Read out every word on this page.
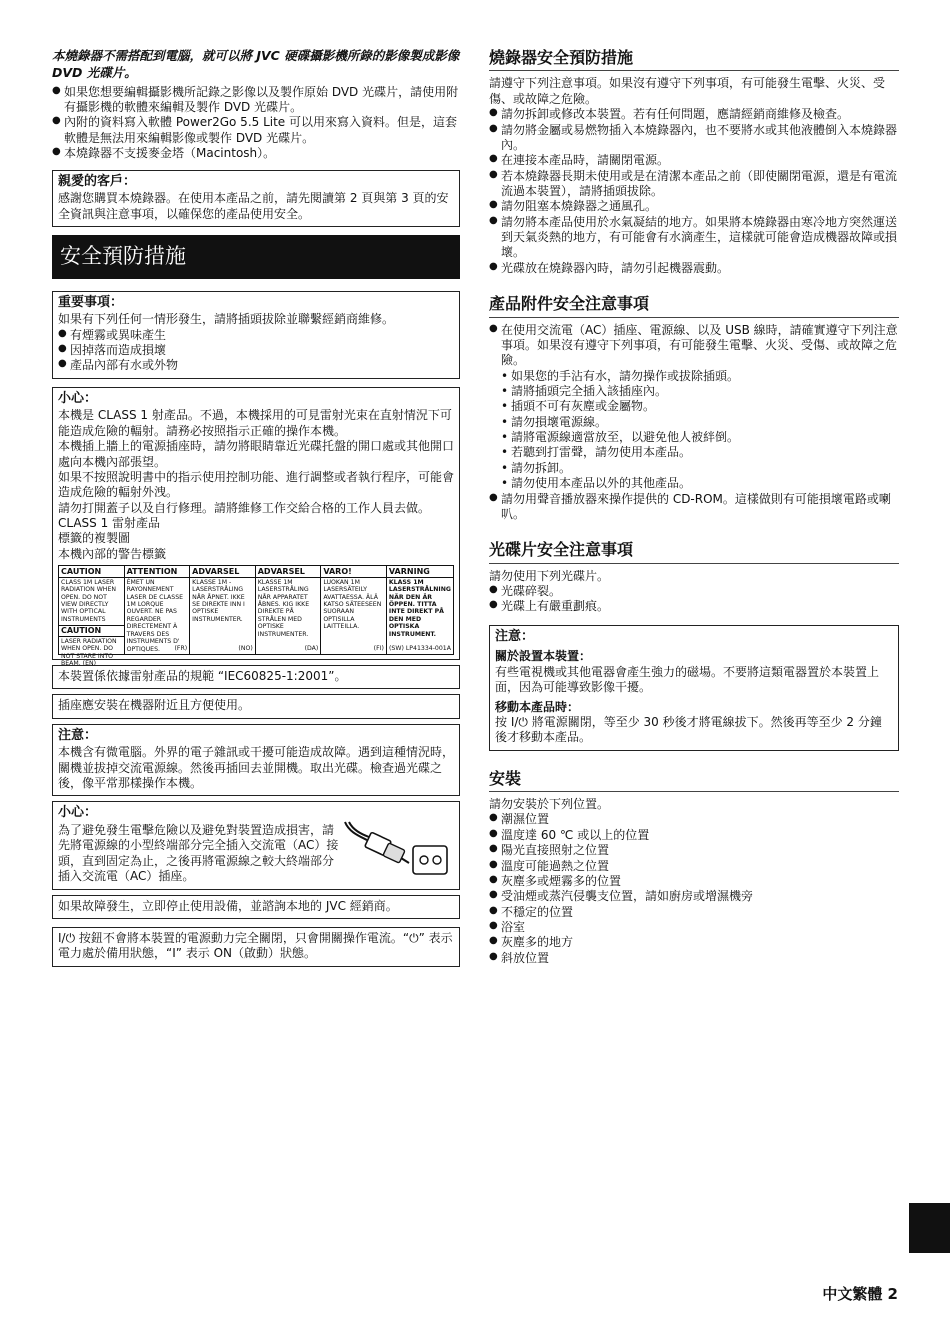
本燒錄器不需搭配到電腦，就可以將 JVC 硬碟攝影機所錄的影像製成影像 DVD 光碟片。

● 如果您想要編輯攝影機所記錄之影像以及製作原始 DVD 光碟片，請使用附有攝影機的軟體來編輯及製作 DVD 光碟片。
● 內附的資料寫入軟體 Power2Go 5.5 Lite 可以用來寫入資料。但是，這套軟體是無法用來編輯影像或製作 DVD 光碟片。
● 本燒錄器不支援麥金塔（Macintosh）。
親愛的客戶：

感謝您購買本燒錄器。在使用本產品之前，請先閱讀第 2 頁與第 3 頁的安全資訊與注意事項，以確保您的產品使用安全。

安全預防措施
重要事項：

如果有下列任何一情形發生，請將插頭拔除並聯繫經銷商維修。

● 有煙霧或異味產生
● 因掉落而造成損壞
● 產品內部有水或外物
小心：

本機是 CLASS 1 射產品。不過，本機採用的可見雷射光束在直射情況下可能造成危險的輻射。請務必按照指示正確的操作本機。

本機插上牆上的電源插座時，請勿將眼睛靠近光碟托盤的開口處或其他開口處向本機內部張望。

如果不按照說明書中的指示使用控制功能、進行調整或者執行程序，可能會造成危險的輻射外洩。

請勿打開蓋子以及自行修理。請將維修工作交給合格的工作人員去做。

CLASS 1 雷射產品

標籤的複製圖

本機內部的警告標籤

CAUTION
CLASS 1M LASER RADIATION WHEN OPEN. DO NOT VIEW DIRECTLY WITH OPTICAL INSTRUMENTS
CAUTION
LASER RADIATION WHEN OPEN. DO NOT STARE INTO BEAM. (EN)
ATTENTION
ÉMET UN RAYONNEMENT LASER DE CLASSE 1M LORQUE OUVERT. NE PAS REGARDER DIRECTEMENT À TRAVERS DES INSTRUMENTS D' OPTIQUES.	(FR)
ADVARSEL
KLASSE 1M - LASERSTRÅLING NÅR ÅPNET. IKKE SE DIREKTE INN I OPTISKE INSTRUMENTER.
(NO)
ADVARSEL
KLASSE 1M LASERSTRÅLING NÅR APPARATET ÅBNES. KIG IKKE DIREKTE PÅ STRÅLEN MED OPTISKE INSTRUMENTER.
(DA)
VARO!
LUOKAN 1M LASERSÄTEILY AVATTAESSA. ÄLÄ KATSO SÄTEESEEN SUORAAN OPTISILLA LAITTEILLA.
(FI)
VARNING
KLASS 1M LASERSTRÅLNING NÄR DEN ÄR ÖPPEN. TITTA INTE DIREKT PÅ DEN MED OPTISKA INSTRUMENT.
(SW) LP41334-001A

本裝置係依據雷射產品的規範 “IEC60825-1:2001”。

插座應安裝在機器附近且方便使用。

注意：

本機含有微電腦。外界的電子雜訊或干擾可能造成故障。遇到這種情況時，關機並拔掉交流電源線。然後再插回去並開機。取出光碟。檢查過光碟之後，像平常那樣操作本機。

小心：

為了避免發生電擊危險以及避免對裝置造成損害，請先將電源線的小型終端部分完全插入交流電（AC）接頭，直到固定為止，之後再將電源線之較大終端部分插入交流電（AC）插座。

如果故障發生，立即停止使用設備，並諮詢本地的 JVC 經銷商。

I/⏻ 按鈕不會將本裝置的電源動力完全關閉，只會開關操作電流。“⏻” 表示電力處於備用狀態，“I” 表示 ON（啟動）狀態。

燒錄器安全預防措施

請遵守下列注意事項。如果沒有遵守下列事項，有可能發生電擊、火災、受傷、或故障之危險。

● 請勿拆卸或修改本裝置。若有任何問題，應請經銷商維修及檢查。
● 請勿將金屬或易燃物插入本燒錄器內，也不要將水或其他液體倒入本燒錄器內。
● 在連接本產品時，請關閉電源。
● 若本燒錄器長期未使用或是在清潔本產品之前（即使關閉電源，還是有電流流過本裝置），請將插頭拔除。
● 請勿阻塞本燒錄器之通風孔。
● 請勿將本產品使用於水氣凝結的地方。如果將本燒錄器由寒冷地方突然運送到天氣炎熱的地方，有可能會有水滴產生，這樣就可能會造成機器故障或損壞。
● 光碟放在燒錄器內時，請勿引起機器震動。
產品附件安全注意事項
● 在使用交流電（AC）插座、電源線、以及 USB 線時，請確實遵守下列注意事項。如果沒有遵守下列事項，有可能發生電擊、火災、受傷、或故障之危險。
• 如果您的手沾有水，請勿操作或拔除插頭。
• 請將插頭完全插入該插座內。
• 插頭不可有灰塵或金屬物。
• 請勿損壞電源線。
• 請將電源線適當放至，以避免他人被絆倒。
• 若聽到打雷聲，請勿使用本產品。
• 請勿拆卸。
• 請勿使用本產品以外的其他產品。
● 請勿用聲音播放器來操作提供的 CD-ROM。這樣做則有可能損壞電路或喇叭。
光碟片安全注意事項

請勿使用下列光碟片。

● 光碟碎裂。
● 光碟上有嚴重劃痕。
注意：
關於設置本裝置：

有些電視機或其他電器會產生強力的磁場。不要將這類電器置於本裝置上面，因為可能導致影像干擾。

移動本產品時：

按 I/⏻ 將電源關閉，等至少 30 秒後才將電線拔下。然後再等至少 2 分鐘後才移動本產品。

安裝

請勿安裝於下列位置。

● 潮濕位置
● 溫度達 60 ℃ 或以上的位置
● 陽光直接照射之位置
● 溫度可能過熱之位置
● 灰塵多或煙霧多的位置
● 受油煙或蒸汽侵襲支位置，請如廚房或增濕機旁
● 不穩定的位置
● 浴室
● 灰塵多的地方
● 斜放位置
中文繁體 2
